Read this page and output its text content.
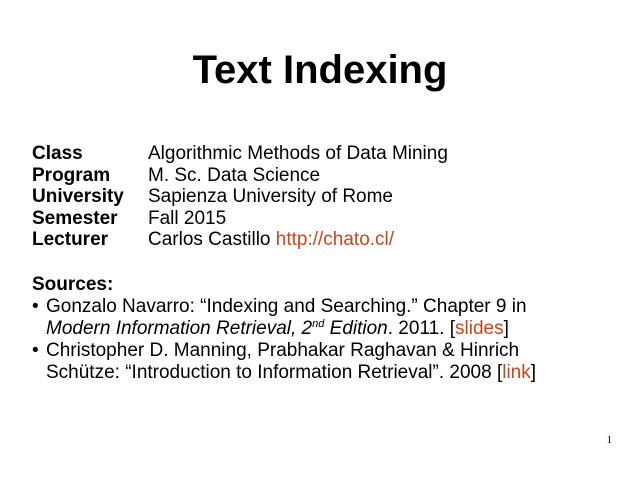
Text Indexing
Class	Algorithmic Methods of Data Mining
Program M. Sc. Data Science
University Sapienza University of Rome
Semester Fall 2015
Lecturer Carlos Castillo http://chato.cl/
Sources:
• Gonzalo Navarro: “Indexing and Searching.” Chapter 9 in
Modern Information Retrieval, 2nd Edition. 2011. [slides]
• Christopher D. Manning, Prabhakar Raghavan & Hinrich
Schütze: “Introduction to Information Retrieval”. 2008 [link]
1
